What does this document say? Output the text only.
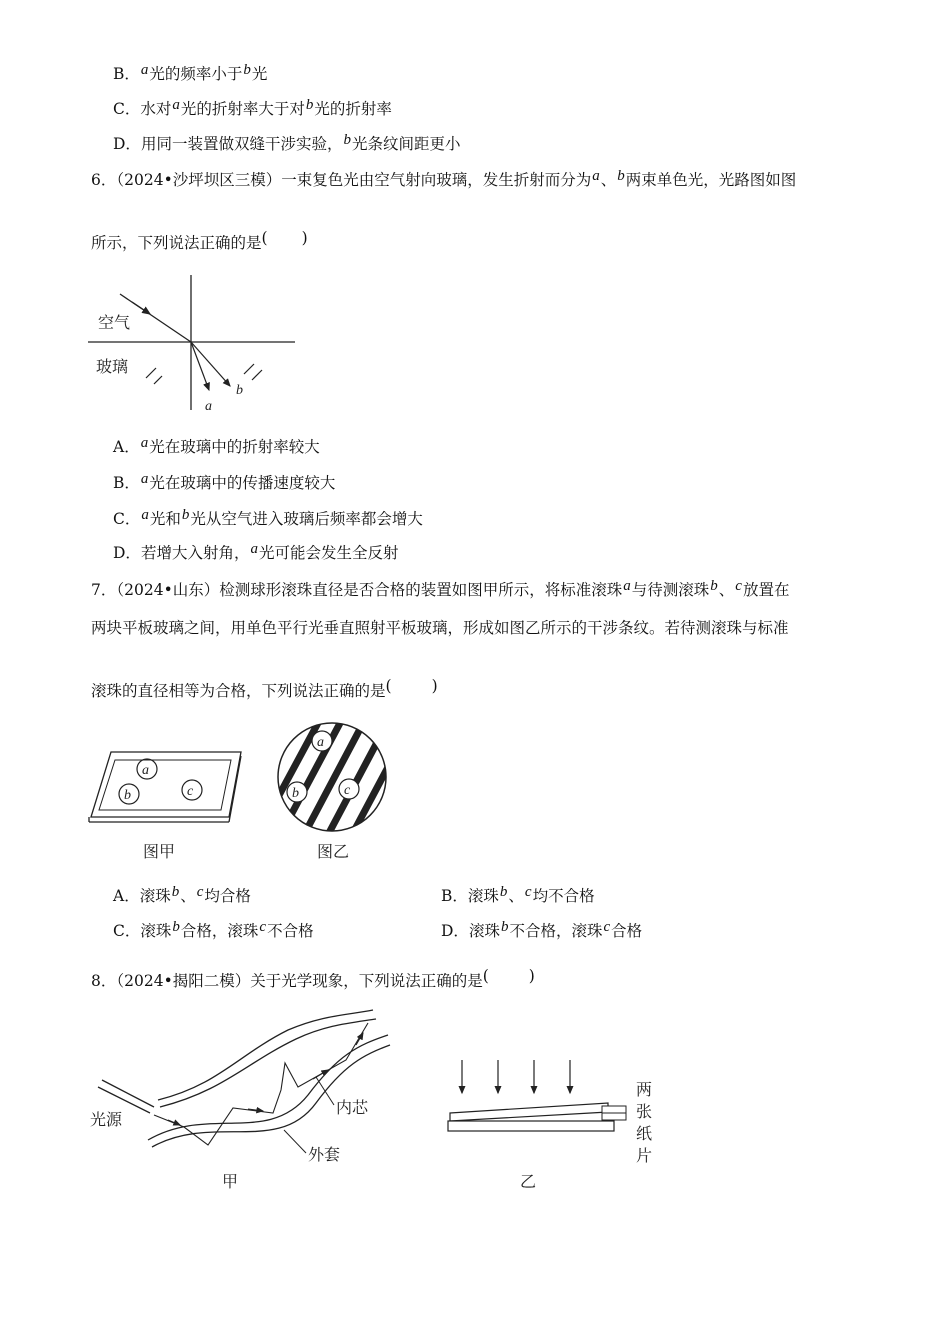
B．a光的频率小于b光
C．水对a光的折射率大于对b光的折射率
D．用同一装置做双缝干涉实验，b光条纹间距更小
6．（2024•沙坪坝区三模）一束复色光由空气射向玻璃，发生折射而分为a、b两束单色光，光路图如图
所示，下列说法正确的是( )
空气
玻璃
a
b
A．a光在玻璃中的折射率较大
B．a光在玻璃中的传播速度较大
C．a光和b光从空气进入玻璃后频率都会增大
D．若增大入射角，a光可能会发生全反射
7．（2024•山东）检测球形滚珠直径是否合格的装置如图甲所示，将标准滚珠a与待测滚珠b、c放置在
两块平板玻璃之间，用单色平行光垂直照射平板玻璃，形成如图乙所示的干涉条纹。若待测滚珠与标准
滚珠的直径相等为合格，下列说法正确的是(	)
a
b	c
图甲
a
b	c
图乙
A．滚珠b、c均合格	B．滚珠b、c均不合格
C．滚珠b合格，滚珠c不合格	D．滚珠b不合格，滚珠c合格
8．（2024•揭阳二模）关于光学现象，下列说法正确的是(	)
光源
内芯
外套
甲
两
张
纸
片
乙
